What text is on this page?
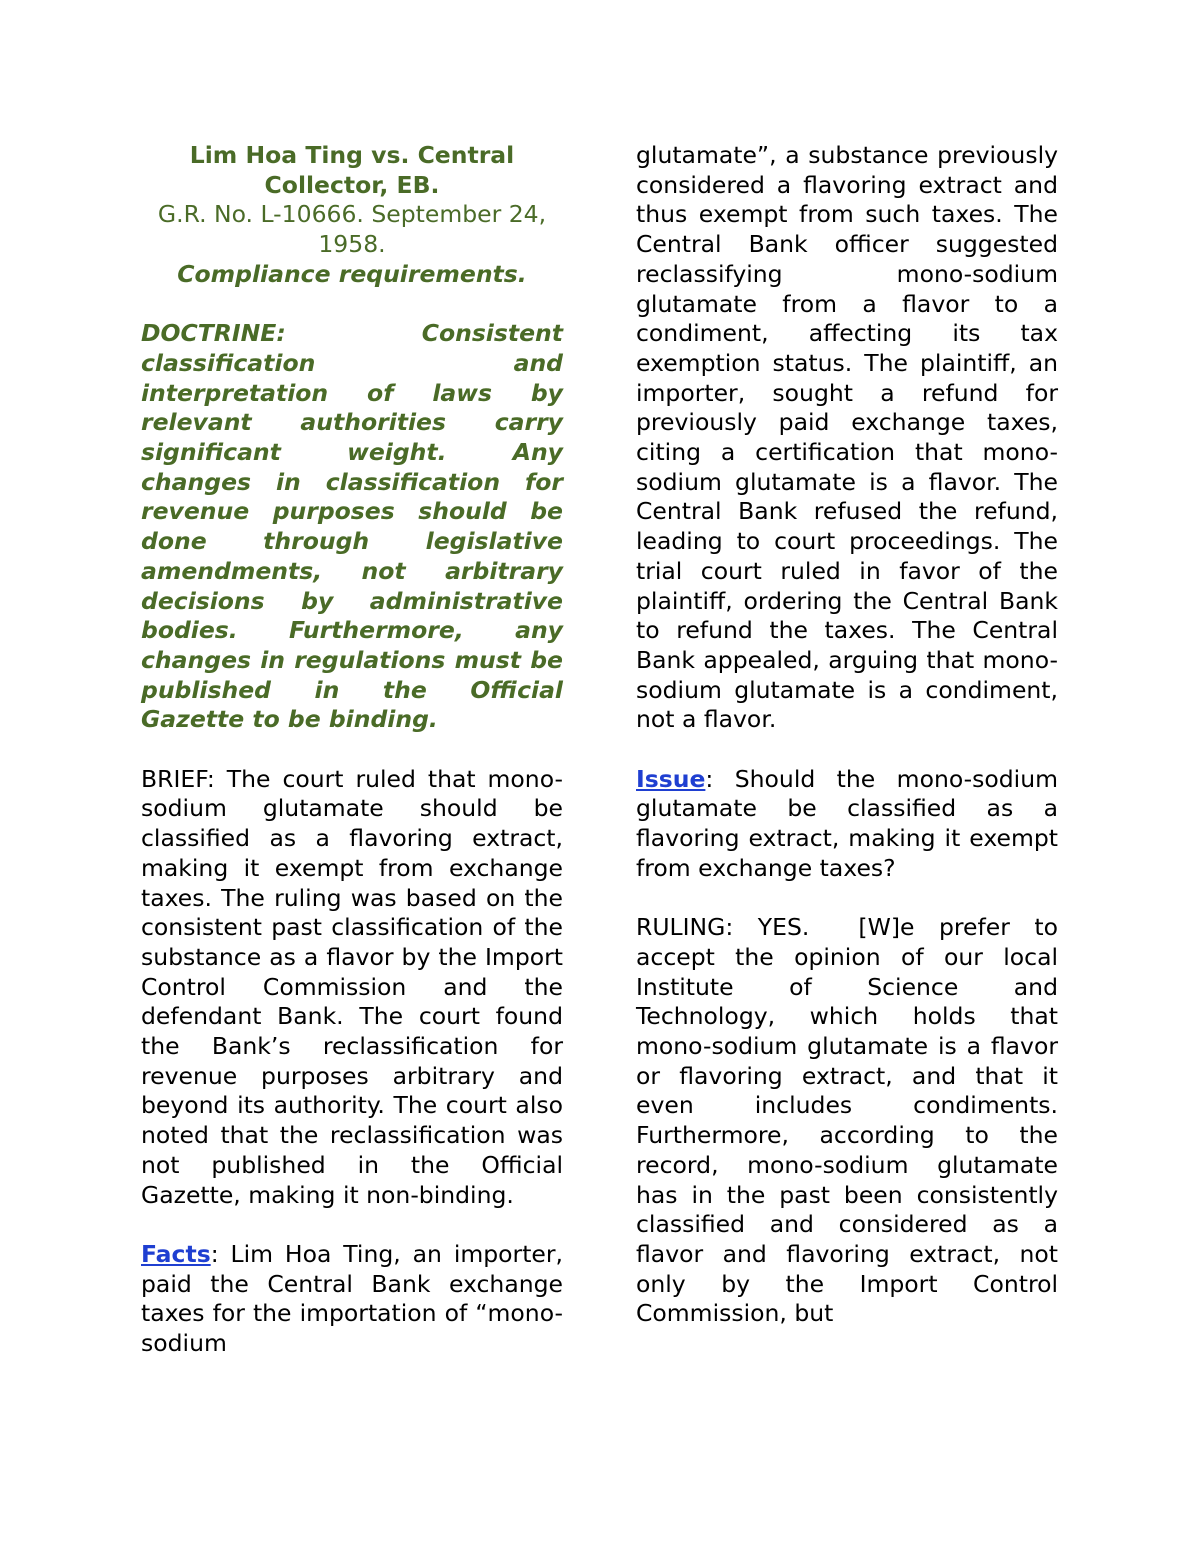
Lim Hoa Ting vs. Central Collector, EB.

G.R. No. L-10666. September 24, 1958.

Compliance requirements.

DOCTRINE:	Consistent classification and interpretation of laws by relevant authorities carry significant weight. Any changes in classification for revenue purposes should be done through legislative amendments, not arbitrary decisions by administrative bodies. Furthermore, any changes in regulations must be published in the Official Gazette to be binding.

BRIEF: The court ruled that mono-sodium glutamate should be classified as a flavoring extract, making it exempt from exchange taxes. The ruling was based on the consistent past classification of the substance as a flavor by the Import Control Commission and the defendant Bank. The court found the Bank’s reclassification for revenue purposes arbitrary and beyond its authority. The court also noted that the reclassification was not published in the Official Gazette, making it non-binding.

Facts: Lim Hoa Ting, an importer, paid the Central Bank exchange taxes for the importation of “mono-sodium

glutamate”, a substance previously considered a flavoring extract and thus exempt from such taxes. The Central Bank officer suggested reclassifying mono-sodium glutamate from a flavor to a condiment, affecting its tax exemption status. The plaintiff, an importer, sought a refund for previously paid exchange taxes, citing a certification that mono-sodium glutamate is a flavor. The Central Bank refused the refund, leading to court proceedings. The trial court ruled in favor of the plaintiff, ordering the Central Bank to refund the taxes. The Central Bank appealed, arguing that mono-sodium glutamate is a condiment, not a flavor.

Issue: Should the mono-sodium glutamate be classified as a flavoring extract, making it exempt from exchange taxes?

RULING: YES. [W]e prefer to accept the opinion of our local Institute of Science and Technology, which holds that mono-sodium glutamate is a flavor or flavoring extract, and that it even includes condiments. Furthermore, according to the record, mono-sodium glutamate has in the past been consistently classified and considered as a flavor and flavoring extract, not only by the Import Control Commission, but
